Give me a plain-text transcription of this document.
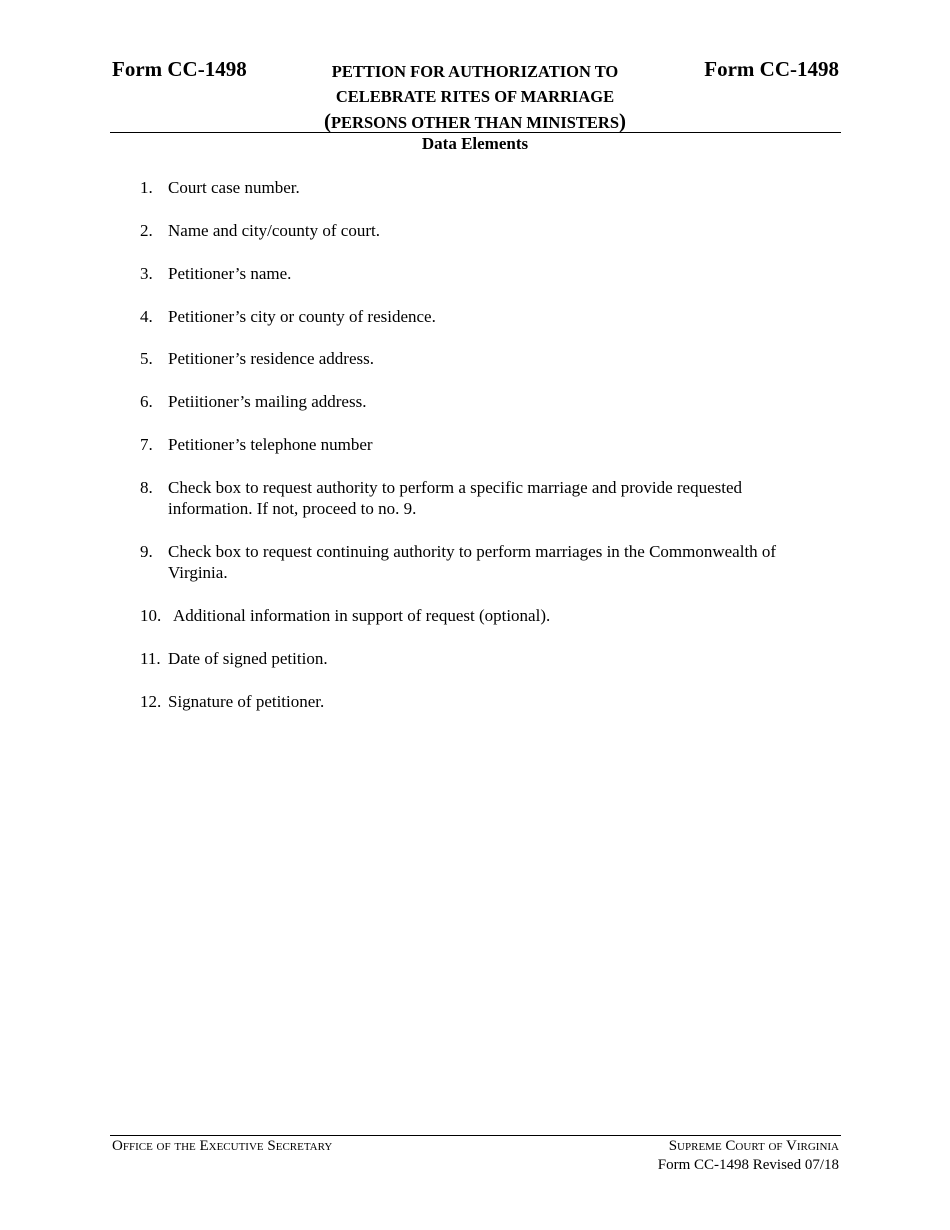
Form CC-1498	Form CC-1498
PETTION FOR AUTHORIZATION TO
CELEBRATE RITES OF MARRIAGE
(PERSONS OTHER THAN MINISTERS)
Data Elements
1. Court case number.
2. Name and city/county of court.
3. Petitioner’s name.
4. Petitioner’s city or county of residence.
5. Petitioner’s residence address.
6. Petiitioner’s mailing address.
7. Petitioner’s telephone number
8. Check box to request authority to perform a specific marriage and provide requested
information. If not, proceed to no. 9.
9. Check box to request continuing authority to perform marriages in the Commonwealth of
Virginia.
10. Additional information in support of request (optional).
11. Date of signed petition.
12. Signature of petitioner.
Office of the Executive Secretary	Supreme Court of Virginia
Form CC-1498 Revised 07/18
